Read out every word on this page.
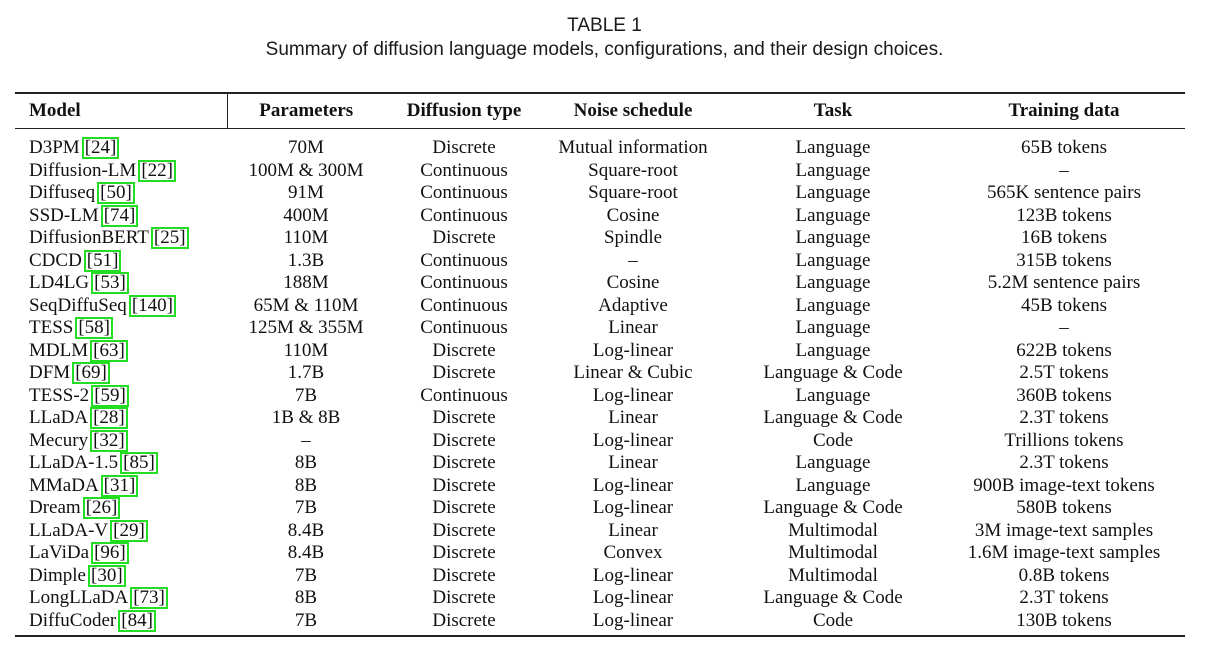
TABLE 1
Summary of diffusion language models, configurations, and their design choices.
Model	Parameters	Diffusion type	Noise schedule	Task	Training data

D3PM [24]	70M	Discrete	Mutual information	Language	65B tokens
Diffusion-LM [22]	100M & 300M	Continuous	Square-root	Language	–
Diffuseq [50]	91M	Continuous	Square-root	Language	565K sentence pairs
SSD-LM [74]	400M	Continuous	Cosine	Language	123B tokens
DiffusionBERT [25]	110M	Discrete	Spindle	Language	16B tokens
CDCD [51]	1.3B	Continuous	–	Language	315B tokens
LD4LG [53]	188M	Continuous	Cosine	Language	5.2M sentence pairs
SeqDiffuSeq [140]	65M & 110M	Continuous	Adaptive	Language	45B tokens
TESS [58]	125M & 355M	Continuous	Linear	Language	–
MDLM [63]	110M	Discrete	Log-linear	Language	622B tokens
DFM [69]	1.7B	Discrete	Linear & Cubic	Language & Code	2.5T tokens
TESS-2 [59]	7B	Continuous	Log-linear	Language	360B tokens
LLaDA [28]	1B & 8B	Discrete	Linear	Language & Code	2.3T tokens
Mecury [32]	–	Discrete	Log-linear	Code	Trillions tokens
LLaDA-1.5 [85]	8B	Discrete	Linear	Language	2.3T tokens
MMaDA [31]	8B	Discrete	Log-linear	Language	900B image-text tokens
Dream [26]	7B	Discrete	Log-linear	Language & Code	580B tokens
LLaDA-V [29]	8.4B	Discrete	Linear	Multimodal	3M image-text samples
LaViDa [96]	8.4B	Discrete	Convex	Multimodal	1.6M image-text samples
Dimple [30]	7B	Discrete	Log-linear	Multimodal	0.8B tokens
LongLLaDA [73]	8B	Discrete	Log-linear	Language & Code	2.3T tokens
DiffuCoder [84]	7B	Discrete	Log-linear	Code	130B tokens
